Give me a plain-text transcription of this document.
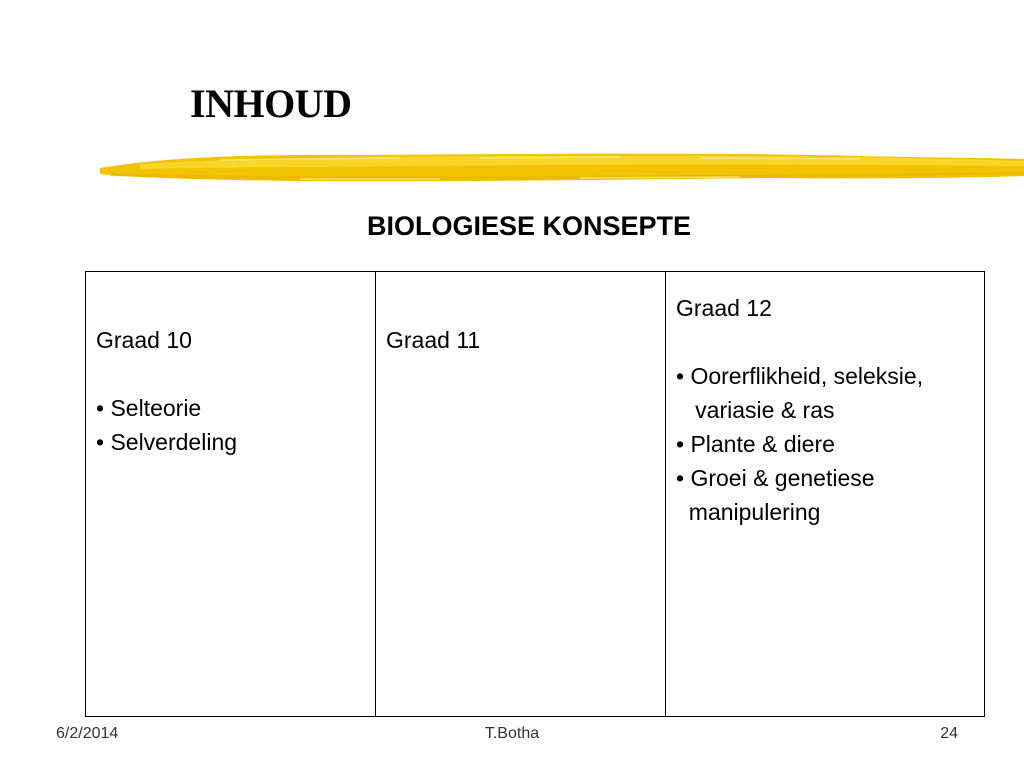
INHOUD
BIOLOGIESE KONSEPTE
Graad 10
• Selteorie
• Selverdeling

Graad 11

Graad 12
• Oorerflikheid, seleksie,
variasie & ras
• Plante & diere
• Groei & genetiese
manipulering
6/2/2014	T.Botha	24
